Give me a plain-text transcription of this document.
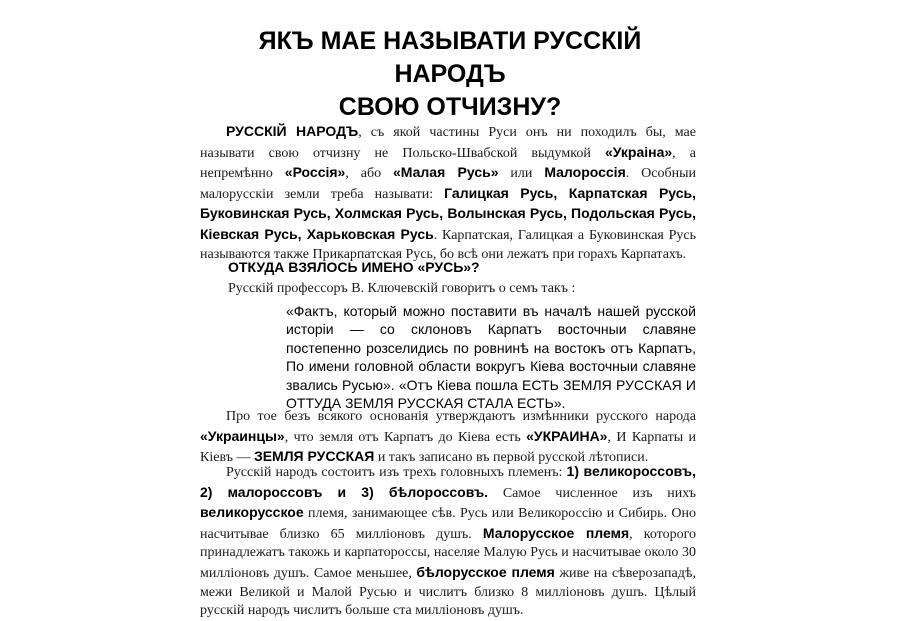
ЯКЪ МАЕ НАЗЫВАТИ РУССКІЙ
НАРОДЪ
СВОЮ ОТЧИЗНУ?

РУССКІЙ НАРОДЪ, съ якой частины Руси онъ ни походилъ бы, мае называти свою отчизну не Польско-Швабской выдумкой «Украіна», а непремѣнно «Россія», або «Малая Русь» или Малороссія. Особныи малорусскіи земли треба называти: Галицкая Русь, Карпатская Русь, Буковинская Русь, Холмская Русь, Волынская Русь, Подольская Русь, Кіевская Русь, Харьковская Русь. Карпатская, Галицкая а Буковинская Русь называются также Прикарпатская Русь, бо всѣ они лежатъ при горахъ Карпатахъ.

ОТКУДА ВЗЯЛОСЬ ИМЕНО «РУСЬ»?

Русскій профессоръ В. Ключевскій говоритъ о семъ такъ :

«Фактъ, который можно поставити въ началѣ нашей русской исторіи — со склоновъ Карпатъ восточныи славяне постепенно розселидись по ровнинѣ на востокъ отъ Карпатъ, По имени головной области вокругъ Кіева восточныи славяне звались Русью». «Отъ Кіева пошла ЕСТЬ ЗЕМЛЯ РУССКАЯ И ОТТУДА ЗЕМЛЯ РУССКАЯ СТАЛА ЕСТЬ».

Про тое безъ всякого основанія утверждаютъ измѣнники русского народа «Украинцы», что земля отъ Карпатъ до Кіева есть «УКРАИНА», И Карпаты и Кіевъ — ЗЕМЛЯ РУССКАЯ и такъ записано въ первой русской лѣтописи.

Русскій народъ состоитъ изъ трехъ головныхъ племенъ: 1) великороссовъ, 2) малороссовъ и 3) бѣлороссовъ. Самое численное изъ нихъ великорусское племя, занимающее сѣв. Русь или Великороссію и Сибирь. Оно насчитывае близко 65 милліоновъ душъ. Малорусское племя, которого принадлежатъ такожь и карпатороссы, населяе Малую Русь и насчитывае около 30 милліоновъ душъ. Самое меньшее, бѣлорусское племя живе на сѣверозападѣ, межи Великой и Малой Русью и числитъ близко 8 милліоновъ душъ. Цѣлый русскій народъ числитъ больше ста милліоновъ душъ.
